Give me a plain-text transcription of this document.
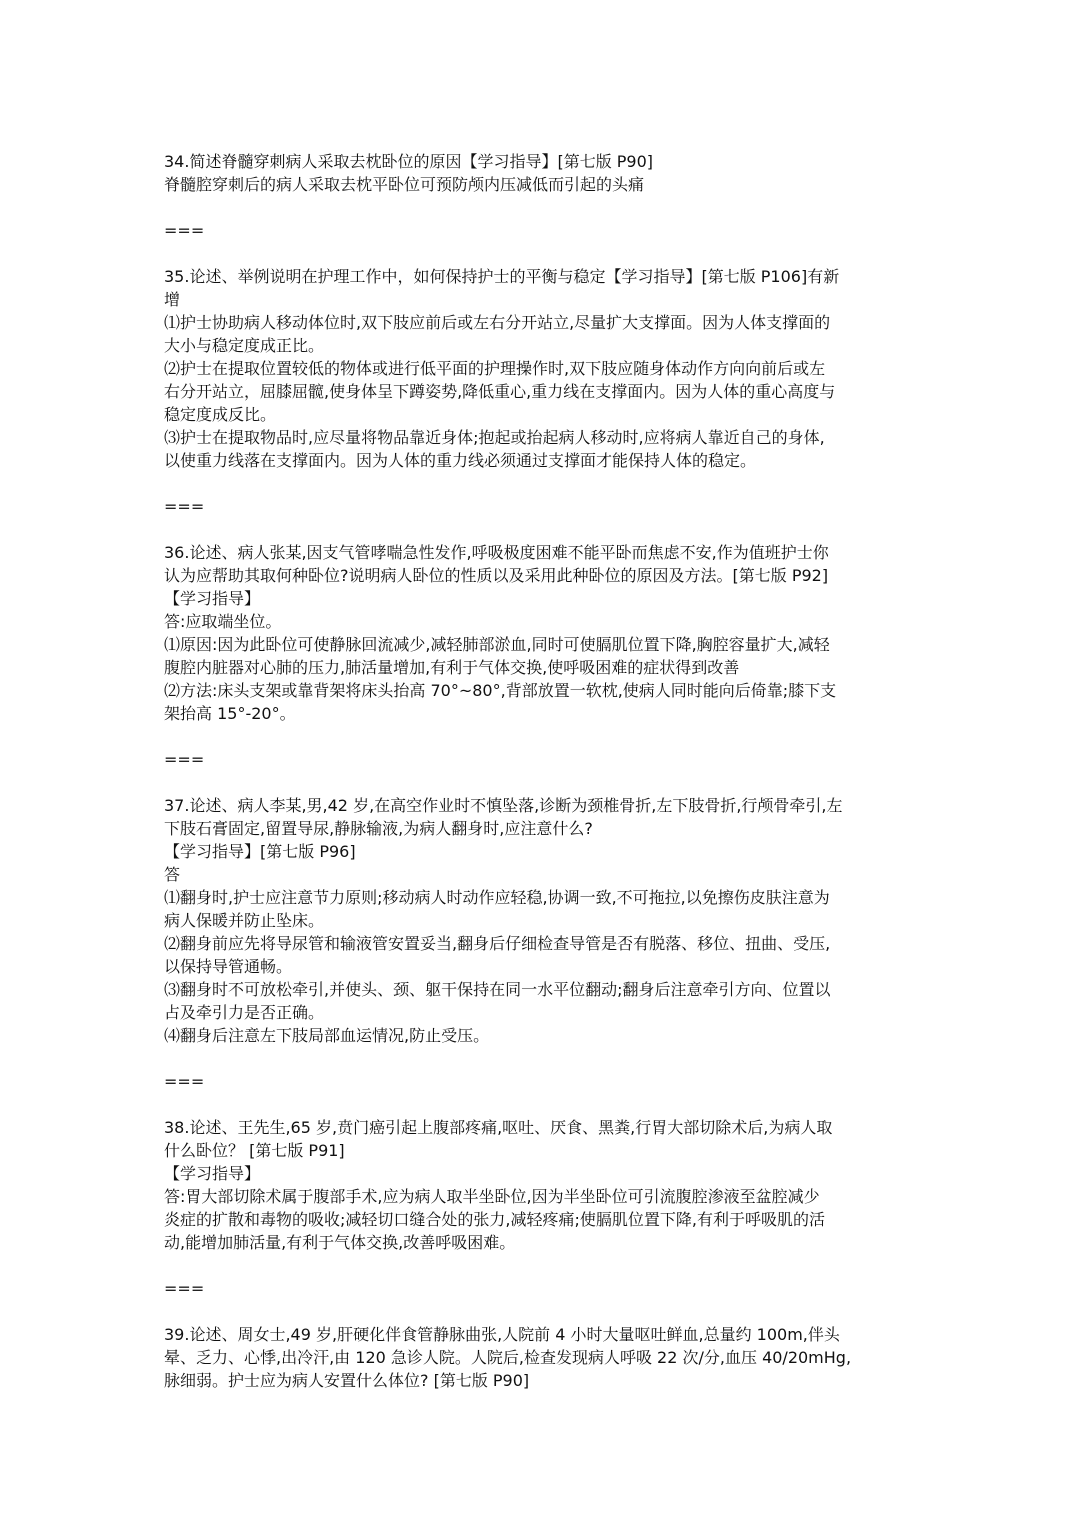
34.简述脊髓穿刺病人采取去枕卧位的原因【学习指导】[第七版 P90]
脊髓腔穿刺后的病人采取去枕平卧位可预防颅内压减低而引起的头痛
===
35.论述、举例说明在护理工作中，如何保持护士的平衡与稳定【学习指导】[第七版 P106]有新
增
⑴护士协助病人移动体位时,双下肢应前后或左右分开站立,尽量扩大支撑面。因为人体支撑面的
大小与稳定度成正比。
⑵护士在提取位置较低的物体或进行低平面的护理操作时,双下肢应随身体动作方向向前后或左
右分开站立，屈膝屈髋,使身体呈下蹲姿势,降低重心,重力线在支撑面内。因为人体的重心高度与
稳定度成反比。
⑶护士在提取物品时,应尽量将物品靠近身体;抱起或抬起病人移动时,应将病人靠近自己的身体,
以使重力线落在支撑面内。因为人体的重力线必须通过支撑面才能保持人体的稳定。
===
36.论述、病人张某,因支气管哮喘急性发作,呼吸极度困难不能平卧而焦虑不安,作为值班护士你
认为应帮助其取何种卧位?说明病人卧位的性质以及采用此种卧位的原因及方法。[第七版 P92]
【学习指导】
答:应取端坐位。
⑴原因:因为此卧位可使静脉回流减少,减轻肺部淤血,同时可使膈肌位置下降,胸腔容量扩大,减轻
腹腔内脏器对心肺的压力,肺活量增加,有利于气体交换,使呼吸困难的症状得到改善
⑵方法:床头支架或靠背架将床头抬高 70°~80°,背部放置一软枕,使病人同时能向后倚靠;膝下支
架抬高 15°-20°。
===
37.论述、病人李某,男,42 岁,在高空作业时不慎坠落,诊断为颈椎骨折,左下肢骨折,行颅骨牵引,左
下肢石膏固定,留置导尿,静脉输液,为病人翻身时,应注意什么?
【学习指导】[第七版 P96]
答
⑴翻身时,护士应注意节力原则;移动病人时动作应轻稳,协调一致,不可拖拉,以免擦伤皮肤注意为
病人保暖并防止坠床。
⑵翻身前应先将导尿管和输液管安置妥当,翻身后仔细检查导管是否有脱落、移位、扭曲、受压,
以保持导管通畅。
⑶翻身时不可放松牵引,并使头、颈、躯干保持在同一水平位翻动;翻身后注意牵引方向、位置以
占及牵引力是否正确。
⑷翻身后注意左下肢局部血运情况,防止受压。
===
38.论述、王先生,65 岁,贲门癌引起上腹部疼痛,呕吐、厌食、黑粪,行胃大部切除术后,为病人取
什么卧位？ [第七版 P91]
【学习指导】
答:胃大部切除术属于腹部手术,应为病人取半坐卧位,因为半坐卧位可引流腹腔渗液至盆腔减少
炎症的扩散和毒物的吸收;减轻切口缝合处的张力,减轻疼痛;使膈肌位置下降,有利于呼吸肌的活
动,能增加肺活量,有利于气体交换,改善呼吸困难。
===
39.论述、周女士,49 岁,肝硬化伴食管静脉曲张,人院前 4 小时大量呕吐鲜血,总量约 100m,伴头
晕、乏力、心悸,出冷汗,由 120 急诊人院。人院后,检查发现病人呼吸 22 次/分,血压 40/20mHg,
脉细弱。护士应为病人安置什么体位? [第七版 P90]
